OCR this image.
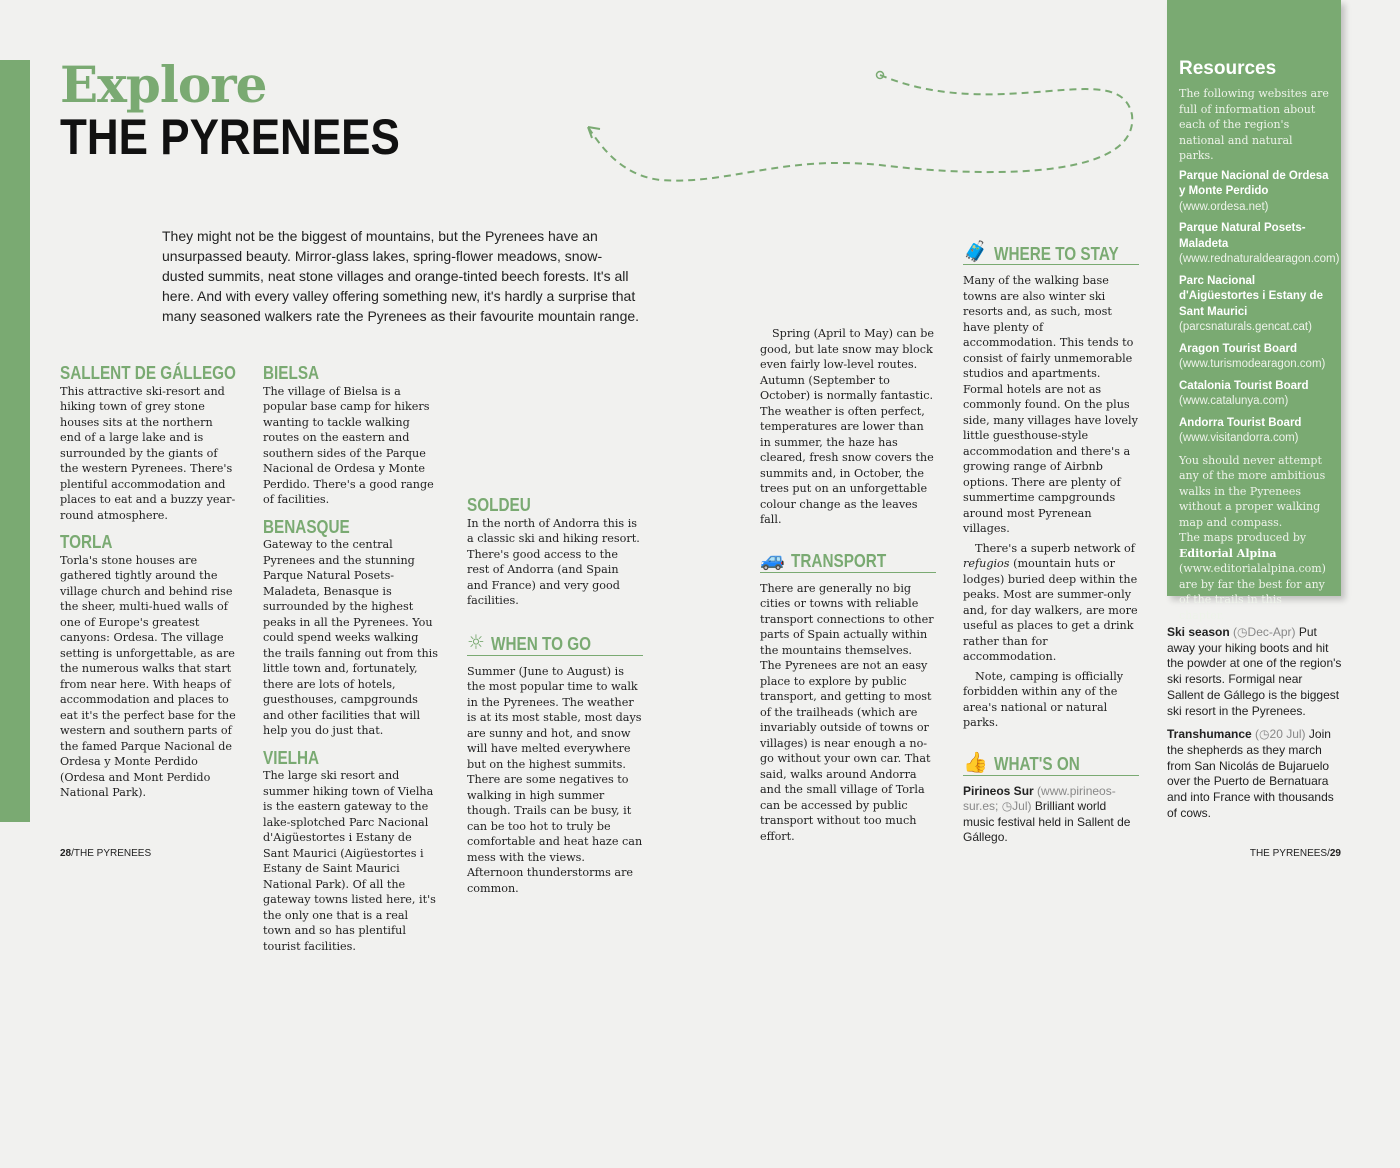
Explore
THE PYRENEES

They might not be the biggest of mountains, but the Pyrenees have an unsurpassed beauty. Mirror-glass lakes, spring-flower meadows, snow-dusted summits, neat stone villages and orange-tinted beech forests. It's all here. And with every valley offering something new, it's hardly a surprise that many seasoned walkers rate the Pyrenees as their favourite mountain range.

SALLENT DE GÁLLEGO

This attractive ski-resort and hiking town of grey stone houses sits at the northern end of a large lake and is surrounded by the giants of the western Pyrenees. There's plentiful accommodation and places to eat and a buzzy year-round atmosphere.

TORLA

Torla's stone houses are gathered tightly around the village church and behind rise the sheer, multi-hued walls of one of Europe's greatest canyons: Ordesa. The village setting is unforgettable, as are the numerous walks that start from near here. With heaps of accommodation and places to eat it's the perfect base for the western and southern parts of the famed Parque Nacional de Ordesa y Monte Perdido (Ordesa and Mont Perdido National Park).

BIELSA

The village of Bielsa is a popular base camp for hikers wanting to tackle walking routes on the eastern and southern sides of the Parque Nacional de Ordesa y Monte Perdido. There's a good range of facilities.

BENASQUE

Gateway to the central Pyrenees and the stunning Parque Natural Posets-Maladeta, Benasque is surrounded by the highest peaks in all the Pyrenees. You could spend weeks walking the trails fanning out from this little town and, fortunately, there are lots of hotels, guesthouses, campgrounds and other facilities that will help you do just that.

VIELHA

The large ski resort and summer hiking town of Vielha is the eastern gateway to the lake-splotched Parc Nacional d'Aigüestortes i Estany de Sant Maurici (Aigüestortes i Estany de Saint Maurici National Park). Of all the gateway towns listed here, it's the only one that is a real town and so has plentiful tourist facilities.

SOLDEU

In the north of Andorra this is a classic ski and hiking resort. There's good access to the rest of Andorra (and Spain and France) and very good facilities.

☼ WHEN TO GO

Summer (June to August) is the most popular time to walk in the Pyrenees. The weather is at its most stable, most days are sunny and hot, and snow will have melted everywhere but on the highest summits. There are some negatives to walking in high summer though. Trails can be busy, it can be too hot to truly be comfortable and heat haze can mess with the views. Afternoon thunderstorms are common.

Spring (April to May) can be good, but late snow may block even fairly low-level routes. Autumn (September to October) is normally fantastic. The weather is often perfect, temperatures are lower than in summer, the haze has cleared, fresh snow covers the summits and, in October, the trees put on an unforgettable colour change as the leaves fall.

🚙 TRANSPORT

There are generally no big cities or towns with reliable transport connections to other parts of Spain actually within the mountains themselves. The Pyrenees are not an easy place to explore by public transport, and getting to most of the trailheads (which are invariably outside of towns or villages) is near enough a no-go without your own car. That said, walks around Andorra and the small village of Torla can be accessed by public transport without too much effort.

🧳 WHERE TO STAY

Many of the walking base towns are also winter ski resorts and, as such, most have plenty of accommodation. This tends to consist of fairly unmemorable studios and apartments. Formal hotels are not as commonly found. On the plus side, many villages have lovely little guesthouse-style accommodation and there's a growing range of Airbnb options. There are plenty of summertime campgrounds around most Pyrenean villages.

There's a superb network of refugios (mountain huts or lodges) buried deep within the peaks. Most are summer-only and, for day walkers, are more useful as places to get a drink rather than for accommodation.

Note, camping is officially forbidden within any of the area's national or natural parks.

👍 WHAT'S ON

Pirineos Sur (www.pirineos-sur.es; ◷Jul) Brilliant world music festival held in Sallent de Gállego.

Resources

The following websites are full of information about each of the region's national and natural parks.

Parque Nacional de Ordesa y Monte Perdido (www.ordesa.net)
Parque Natural Posets-Maladeta (www.rednaturaldearagon.com)
Parc Nacional d'Aigüestortes i Estany de Sant Maurici (parcsnaturals.gencat.cat)
Aragon Tourist Board (www.turismodearagon.com)
Catalonia Tourist Board (www.catalunya.com)
Andorra Tourist Board (www.visitandorra.com)

You should never attempt any of the more ambitious walks in the Pyrenees without a proper walking map and compass.

The maps produced by Editorial Alpina (www.editorialalpina.com) are by far the best for any of the trails in this chapter.

Ski season (◷Dec-Apr) Put away your hiking boots and hit the powder at one of the region's ski resorts. Formigal near Sallent de Gállego is the biggest ski resort in the Pyrenees.

Transhumance (◷20 Jul) Join the shepherds as they march from San Nicolás de Bujaruelo over the Puerto de Bernatuara and into France with thousands of cows.

28/THE PYRENEES	THE PYRENEES/29
